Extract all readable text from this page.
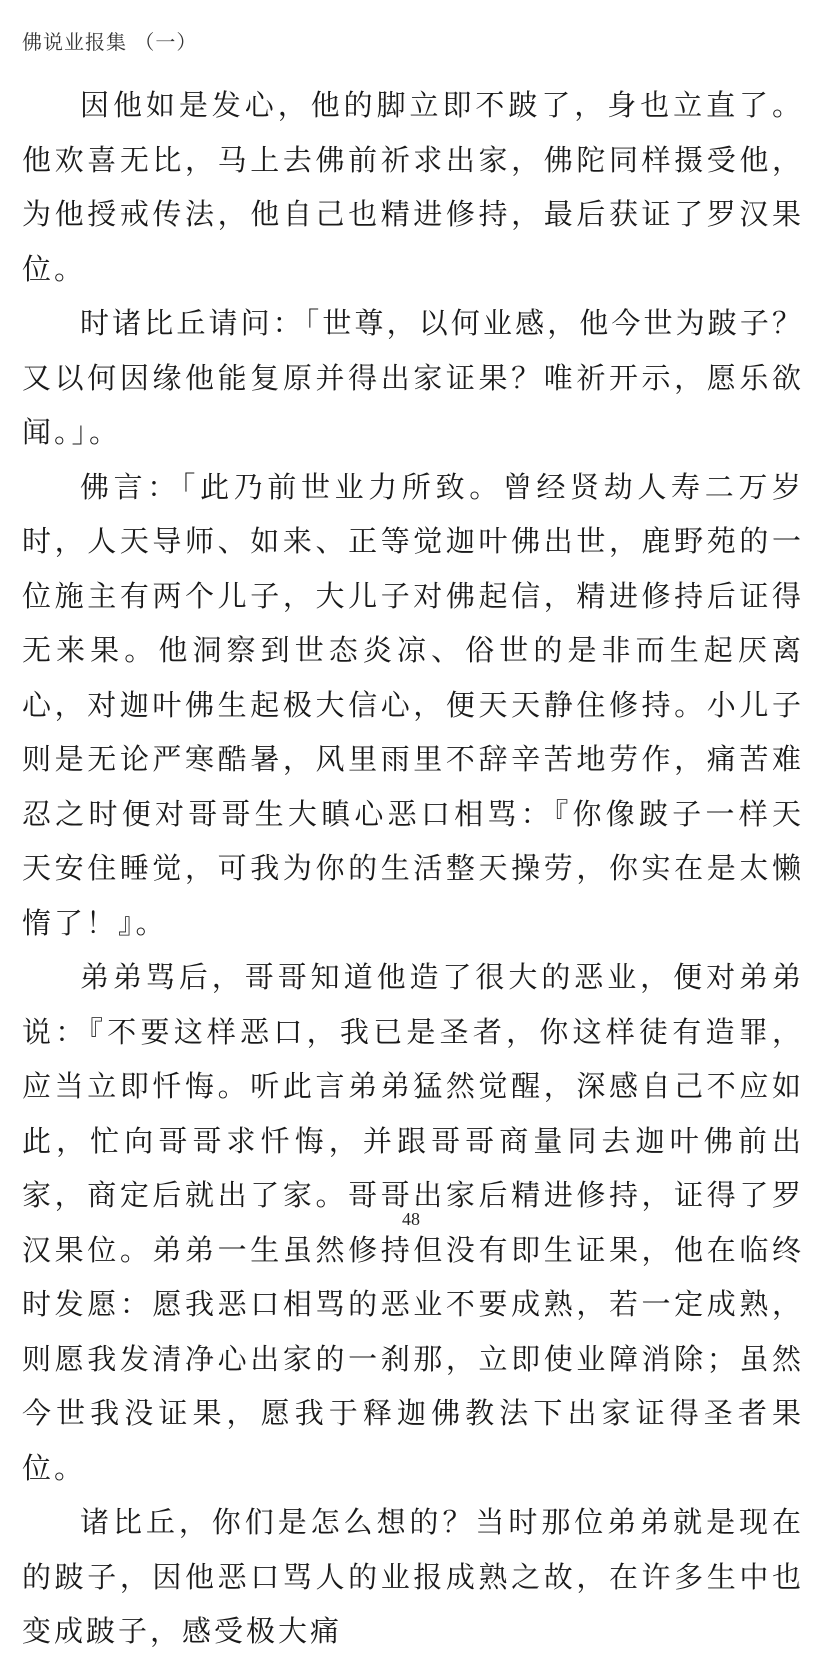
佛说业报集 （一）

因他如是发心，他的脚立即不跛了，身也立直了。他欢喜无比，马上去佛前祈求出家，佛陀同样摄受他，为他授戒传法，他自己也精进修持，最后获证了罗汉果位。

时诸比丘请问：「世尊，以何业感，他今世为跛子？又以何因缘他能复原并得出家证果？唯祈开示，愿乐欲闻。」。

佛言：「此乃前世业力所致。曾经贤劫人寿二万岁时，人天导师、如来、正等觉迦叶佛出世，鹿野苑的一位施主有两个儿子，大儿子对佛起信，精进修持后证得无来果。他洞察到世态炎凉、俗世的是非而生起厌离心，对迦叶佛生起极大信心，便天天静住修持。小儿子则是无论严寒酷暑，风里雨里不辞辛苦地劳作，痛苦难忍之时便对哥哥生大瞋心恶口相骂：『你像跛子一样天天安住睡觉，可我为你的生活整天操劳，你实在是太懒惰了！』。

弟弟骂后，哥哥知道他造了很大的恶业，便对弟弟说：『不要这样恶口，我已是圣者，你这样徒有造罪，应当立即忏悔。听此言弟弟猛然觉醒，深感自己不应如此，忙向哥哥求忏悔，并跟哥哥商量同去迦叶佛前出家，商定后就出了家。哥哥出家后精进修持，证得了罗汉果位。弟弟一生虽然修持但没有即生证果，他在临终时发愿：愿我恶口相骂的恶业不要成熟，若一定成熟，则愿我发清净心出家的一刹那，立即使业障消除；虽然今世我没证果，愿我于释迦佛教法下出家证得圣者果位。

诸比丘，你们是怎么想的？当时那位弟弟就是现在的跛子，因他恶口骂人的业报成熟之故，在许多生中也变成跛子，感受极大痛

48
